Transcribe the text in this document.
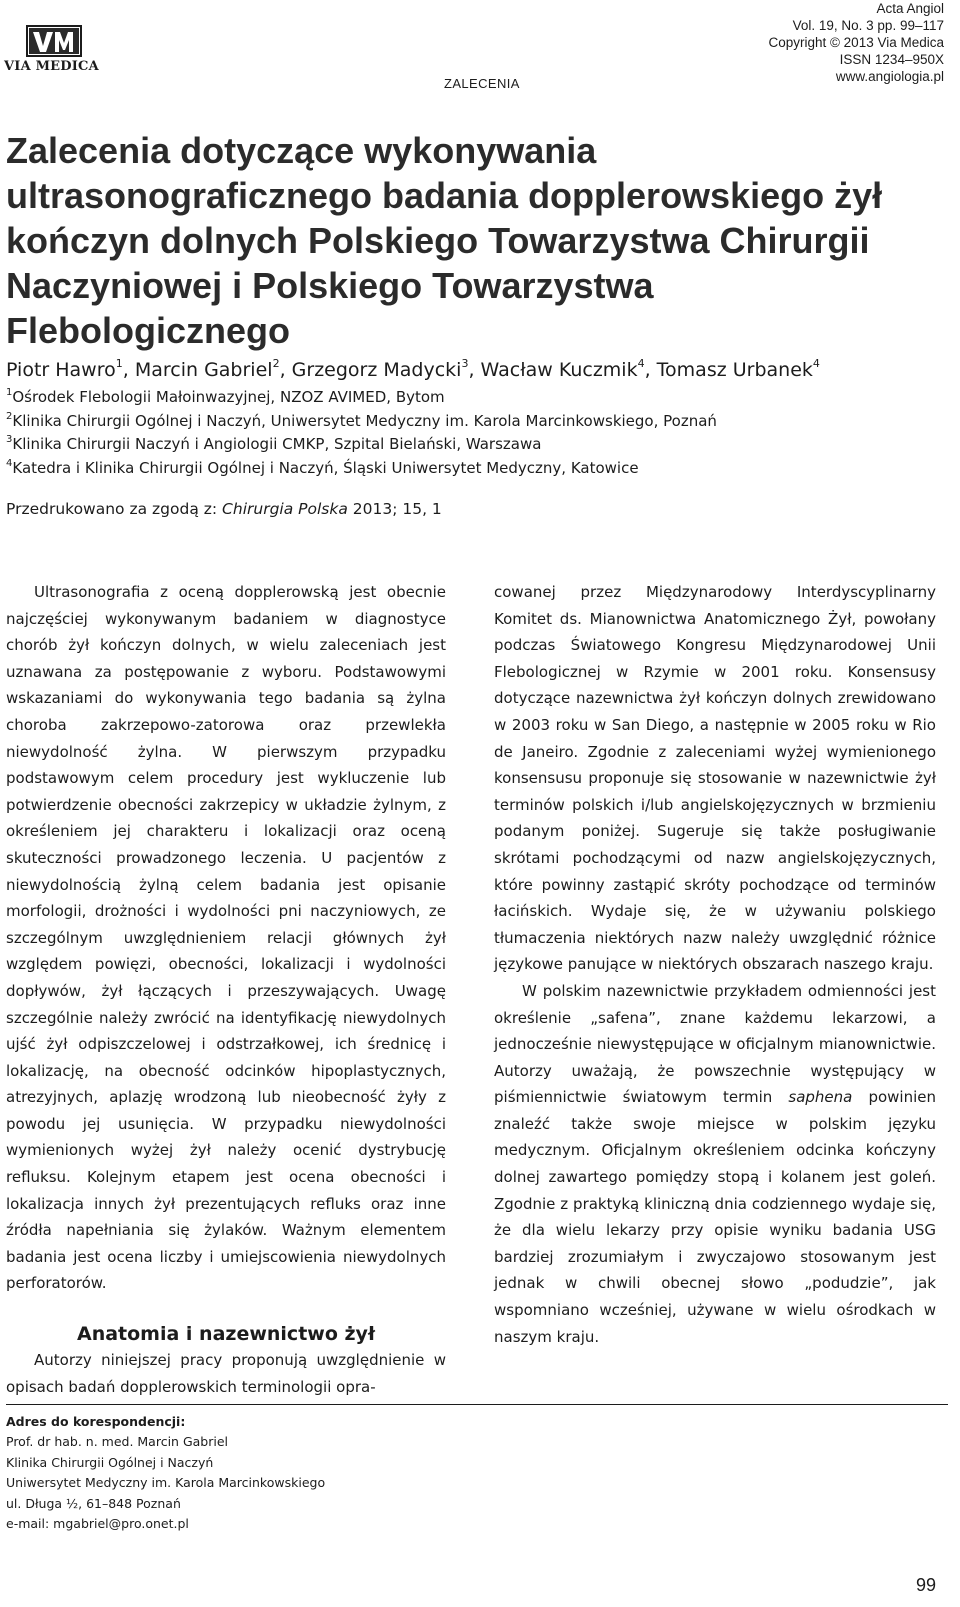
VIA MEDICA
ZALECENIA
Acta Angiol
Vol. 19, No. 3 pp. 99–117
Copyright © 2013 Via Medica
ISSN 1234–950X
www.angiologia.pl
Zalecenia dotyczące wykonywania ultrasonograficznego badania dopplerowskiego żył kończyn dolnych Polskiego Towarzystwa Chirurgii Naczyniowej i Polskiego Towarzystwa Flebologicznego

Piotr Hawro$^1$, Marcin Gabriel$^2$, Grzegorz Madycki$^3$, Wacław Kuczmik$^4$, Tomasz Urbanek$^4$

$^1$Ośrodek Flebologii Małoinwazyjnej, NZOZ AVIMED, Bytom
$^2$Klinika Chirurgii Ogólnej i Naczyń, Uniwersytet Medyczny im. Karola Marcinkowskiego, Poznań
$^3$Klinika Chirurgii Naczyń i Angiologii CMKP, Szpital Bielański, Warszawa
$^4$Katedra i Klinika Chirurgii Ogólnej i Naczyń, Śląski Uniwersytet Medyczny, Katowice
Przedrukowano za zgodą z: Chirurgia Polska 2013; 15, 1

Ultrasonografia z oceną dopplerowską jest obecnie najczęściej wykonywanym badaniem w diagnostyce chorób żył kończyn dolnych, w wielu zaleceniach jest uznawana za postępowanie z wyboru. Podstawowymi wskazaniami do wykonywania tego badania są żylna choroba zakrzepowo-zatorowa oraz przewlekła niewydolność żylna. W pierwszym przypadku podstawowym celem procedury jest wykluczenie lub potwierdzenie obecności zakrzepicy w układzie żylnym, z określeniem jej charakteru i lokalizacji oraz oceną skuteczności prowadzonego leczenia. U pacjentów z niewydolnością żylną celem badania jest opisanie morfologii, drożności i wydolności pni naczyniowych, ze szczególnym uwzględnieniem relacji głównych żył względem powięzi, obecności, lokalizacji i wydolności dopływów, żył łączących i przeszywających. Uwagę szczególnie należy zwrócić na identyfikację niewydolnych ujść żył odpiszczelowej i odstrzałkowej, ich średnicę i lokalizację, na obecność odcinków hipoplastycznych, atrezyjnych, aplazję wrodzoną lub nieobecność żyły z powodu jej usunięcia. W przypadku niewydolności wymienionych wyżej żył należy ocenić dystrybucję refluksu. Kolejnym etapem jest ocena obecności i lokalizacja innych żył prezentujących refluks oraz inne źródła napełniania się żylaków. Ważnym elementem badania jest ocena liczby i umiejscowienia niewydolnych perforatorów.

Anatomia i nazewnictwo żył

Autorzy niniejszej pracy proponują uwzględnienie w opisach badań dopplerowskich terminologii opra-

cowanej przez Międzynarodowy Interdyscyplinarny Komitet ds. Mianownictwa Anatomicznego Żył, powołany podczas Światowego Kongresu Międzynarodowej Unii Flebologicznej w Rzymie w 2001 roku. Konsensusy dotyczące nazewnictwa żył kończyn dolnych zrewidowano w 2003 roku w San Diego, a następnie w 2005 roku w Rio de Janeiro. Zgodnie z zaleceniami wyżej wymienionego konsensusu proponuje się stosowanie w nazewnictwie żył terminów polskich i/lub angielskojęzycznych w brzmieniu podanym poniżej. Sugeruje się także posługiwanie skrótami pochodzącymi od nazw angielskojęzycznych, które powinny zastąpić skróty pochodzące od terminów łacińskich. Wydaje się, że w używaniu polskiego tłumaczenia niektórych nazw należy uwzględnić różnice językowe panujące w niektórych obszarach naszego kraju.

W polskim nazewnictwie przykładem odmienności jest określenie „safena”, znane każdemu lekarzowi, a jednocześnie niewystępujące w oficjalnym mianownictwie. Autorzy uważają, że powszechnie występujący w piśmiennictwie światowym termin saphena powinien znaleźć także swoje miejsce w polskim języku medycznym. Oficjalnym określeniem odcinka kończyny dolnej zawartego pomiędzy stopą i kolanem jest goleń. Zgodnie z praktyką kliniczną dnia codziennego wydaje się, że dla wielu lekarzy przy opisie wyniku badania USG bardziej zrozumiałym i zwyczajowo stosowanym jest jednak w chwili obecnej słowo „podudzie”, jak wspomniano wcześniej, używane w wielu ośrodkach w naszym kraju.

Adres do korespondencji:
Prof. dr hab. n. med. Marcin Gabriel
Klinika Chirurgii Ogólnej i Naczyń
Uniwersytet Medyczny im. Karola Marcinkowskiego
ul. Długa ½, 61–848 Poznań
e-mail: mgabriel@pro.onet.pl
99
